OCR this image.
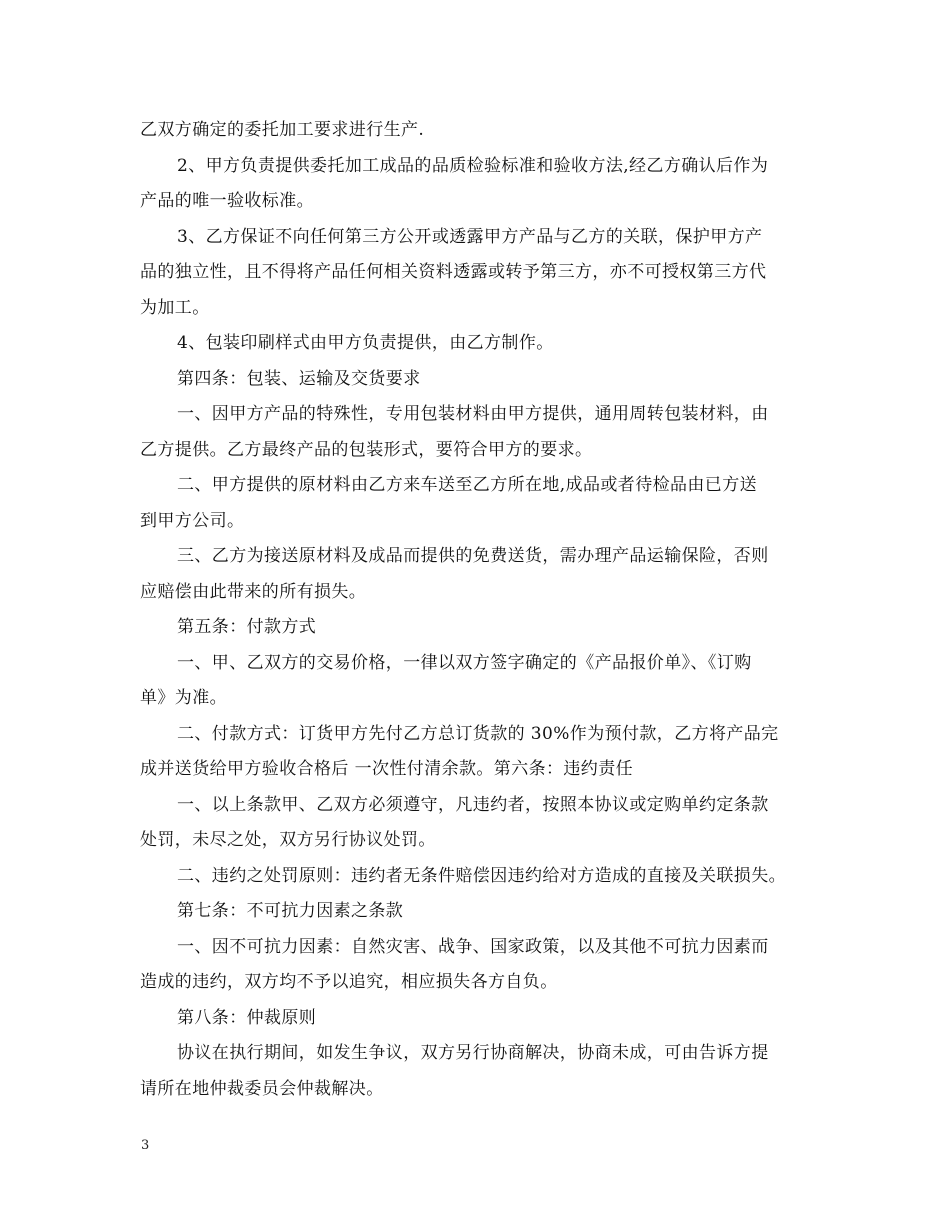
乙双方确定的委托加工要求进行生产.
2、甲方负责提供委托加工成品的品质检验标准和验收方法,经乙方确认后作为
产品的唯一验收标准。
3、乙方保证不向任何第三方公开或透露甲方产品与乙方的关联，保护甲方产
品的独立性，且不得将产品任何相关资料透露或转予第三方，亦不可授权第三方代
为加工。
4、包装印刷样式由甲方负责提供，由乙方制作。
第四条：包装、运输及交货要求
一、因甲方产品的特殊性，专用包装材料由甲方提供，通用周转包装材料，由
乙方提供。乙方最终产品的包装形式，要符合甲方的要求。
二、甲方提供的原材料由乙方来车送至乙方所在地,成品或者待检品由已方送
到甲方公司。
三、乙方为接送原材料及成品而提供的免费送货，需办理产品运输保险，否则
应赔偿由此带来的所有损失。
第五条：付款方式
一、甲、乙双方的交易价格，一律以双方签字确定的《产品报价单》、《订购
单》为准。
二、付款方式：订货甲方先付乙方总订货款的 30%作为预付款，乙方将产品完
成并送货给甲方验收合格后 一次性付清余款。第六条：违约责任
一、以上条款甲、乙双方必须遵守，凡违约者，按照本协议或定购单约定条款
处罚，未尽之处，双方另行协议处罚。
二、违约之处罚原则：违约者无条件赔偿因违约给对方造成的直接及关联损失。
第七条：不可抗力因素之条款
一、因不可抗力因素：自然灾害、战争、国家政策，以及其他不可抗力因素而
造成的违约，双方均不予以追究，相应损失各方自负。
第八条：仲裁原则
协议在执行期间，如发生争议，双方另行协商解决，协商未成，可由告诉方提
请所在地仲裁委员会仲裁解决。
3
